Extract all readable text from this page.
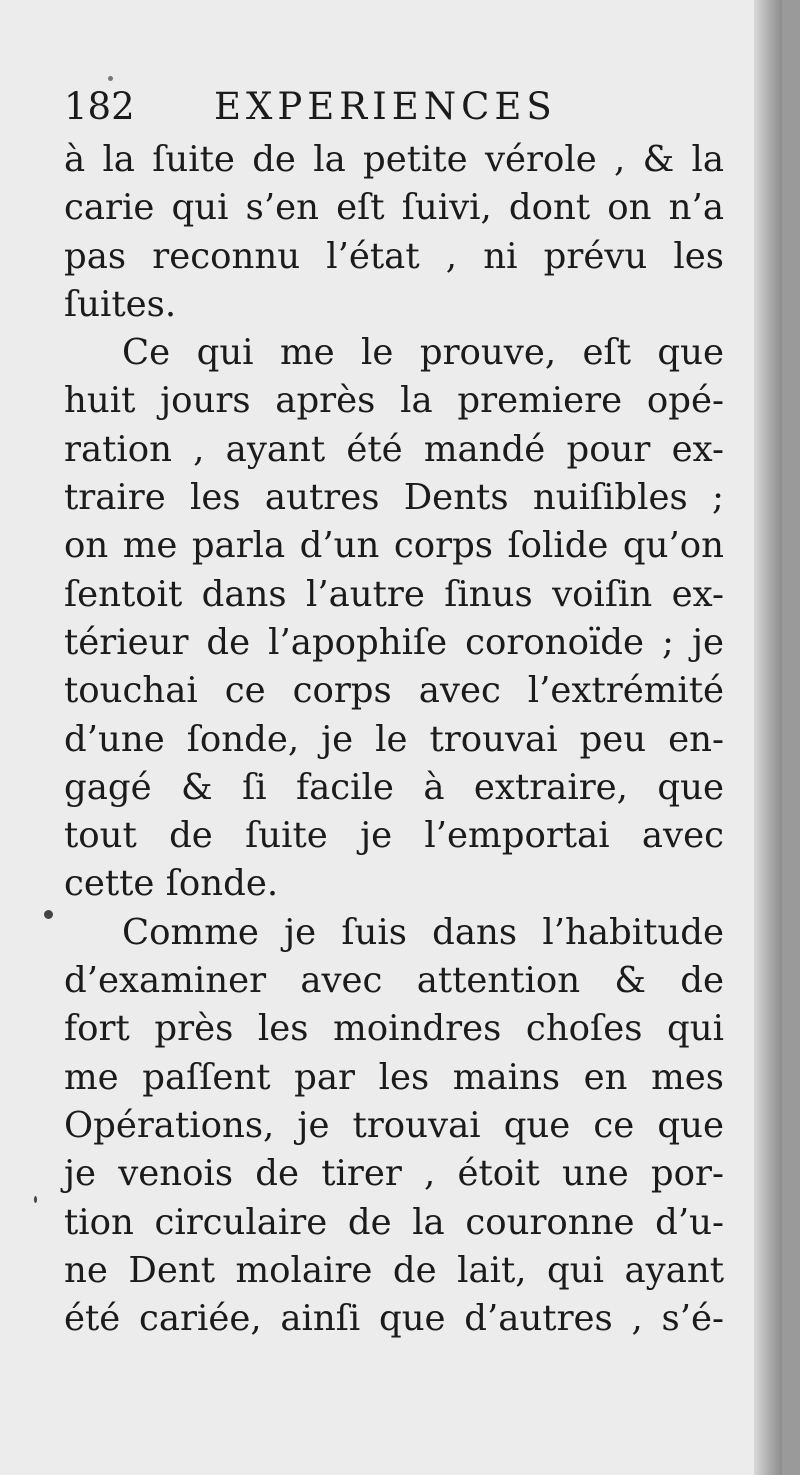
182 EXPERIENCES
à la ſuite de la petite vérole , & la
carie qui s’en eſt ſuivi, dont on n’a
pas reconnu l’état , ni prévu les
ſuites.
Ce qui me le prouve, eſt que
huit jours après la premiere opé-
ration , ayant été mandé pour ex-
traire les autres Dents nuiſibles ;
on me parla d’un corps ſolide qu’on
ſentoit dans l’autre ſinus voiſin ex-
térieur de l’apophiſe coronoïde ; je
touchai ce corps avec l’extrémité
d’une ſonde, je le trouvai peu en-
gagé & ſi facile à extraire, que
tout de ſuite je l’emportai avec
cette ſonde.
Comme je ſuis dans l’habitude
d’examiner avec attention & de
fort près les moindres choſes qui
me paſſent par les mains en mes
Opérations, je trouvai que ce que
je venois de tirer , étoit une por-
tion circulaire de la couronne d’u-
ne Dent molaire de lait, qui ayant
été cariée, ainſi que d’autres , s’é-
